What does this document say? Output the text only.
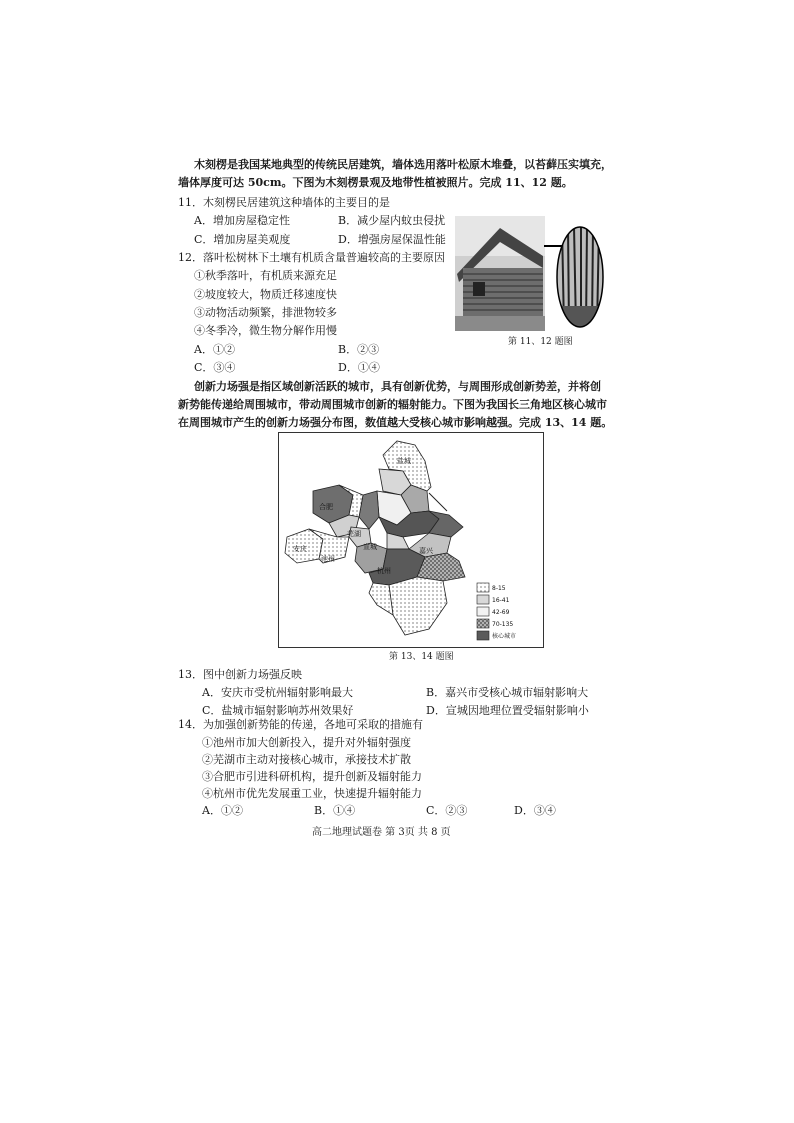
木刻楞是我国某地典型的传统民居建筑，墙体选用落叶松原木堆叠，以苔藓压实填充，
墙体厚度可达 50cm。下图为木刻楞景观及地带性植被照片。完成 11、12 题。
11．木刻楞民居建筑这种墙体的主要目的是
A．增加房屋稳定性	B．减少屋内蚊虫侵扰
C．增加房屋美观度	D．增强房屋保温性能
12．落叶松树林下土壤有机质含量普遍较高的主要原因
①秋季落叶，有机质来源充足
②坡度较大，物质迁移速度快
③动物活动频繁，排泄物较多
④冬季冷，微生物分解作用慢
A．①②	B．②③
C．③④	D．①④
第 11、12 题图
创新力场强是指区域创新活跃的城市，具有创新优势，与周围形成创新势差，并将创
新势能传递给周围城市，带动周围城市创新的辐射能力。下图为我国长三角地区核心城市
在周围城市产生的创新力场强分布图，数值越大受核心城市影响越强。完成 13、14 题。
盐城
合肥
芜湖
安庆
池州
宣城	嘉兴
杭州
8-15
16-41
42-69
70-135
核心城市
第 13、14 题图
13．图中创新力场强反映
A．安庆市受杭州辐射影响最大	B．嘉兴市受核心城市辐射影响大
C．盐城市辐射影响苏州效果好	D．宣城因地理位置受辐射影响小
14．为加强创新势能的传递，各地可采取的措施有
①池州市加大创新投入，提升对外辐射强度
②芜湖市主动对接核心城市，承接技术扩散
③合肥市引进科研机构，提升创新及辐射能力
④杭州市优先发展重工业，快速提升辐射能力
A．①②	B．①④	C．②③	D．③④
高二地理试题卷 第 3页 共 8 页
